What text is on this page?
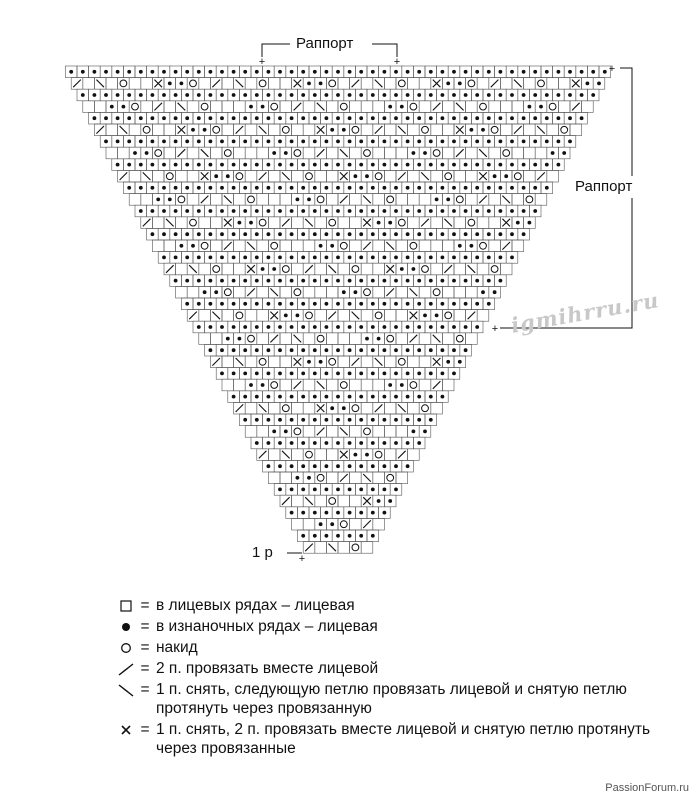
+	+
+
+
+
Раппорт
Раппорт
1 р
igmihrru.ru
= в лицевых рядах – лицевая
= в изнаночных рядах – лицевая
= накид
= 2 п. провязать вместе лицевой
= 1 п. снять, следующую петлю провязать лицевой и снятую петлю протянуть через провязанную
= 1 п. снять, 2 п. провязать вместе лицевой и снятую петлю протянуть через провязанные
PassionForum.ru
